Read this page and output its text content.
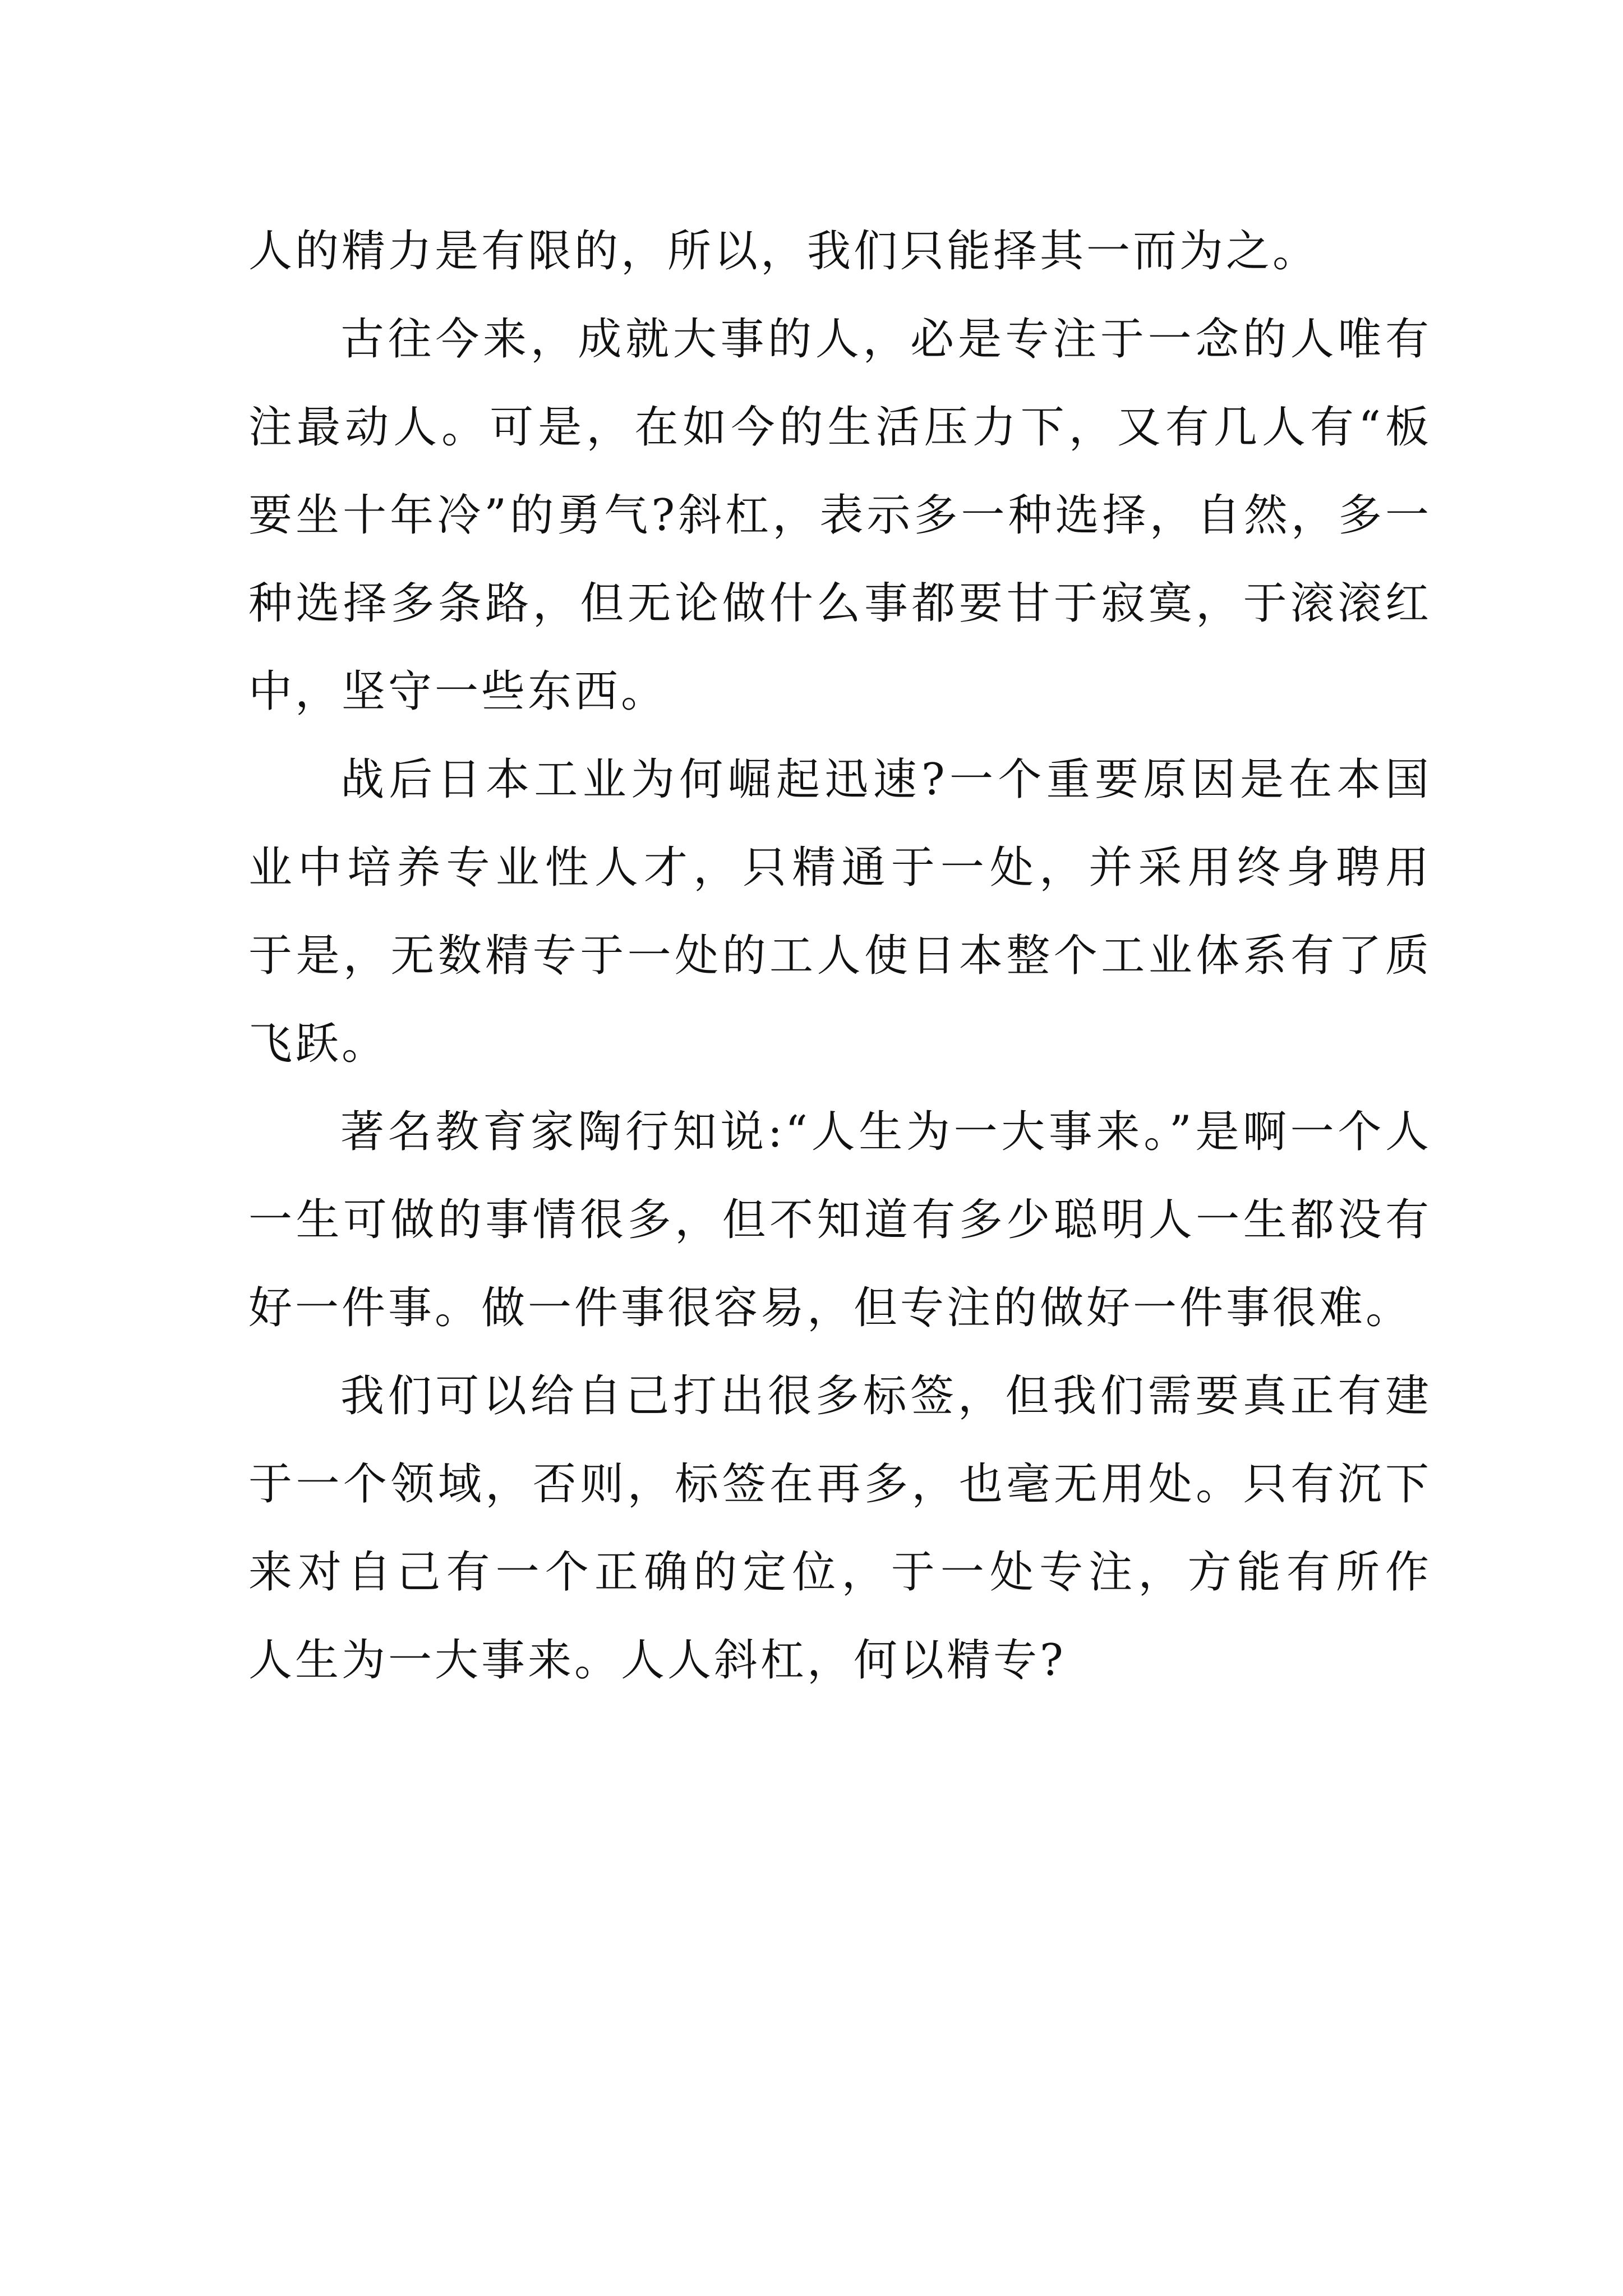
人的精力是有限的，所以，我们只能择其一而为之。
古往今来，成就大事的人，必是专注于一念的人唯有
注最动人。可是，在如今的生活压力下，又有几人有“板
要坐十年冷”的勇气?斜杠，表示多一种选择，自然，多一
种选择多条路，但无论做什么事都要甘于寂寞，于滚滚红
中，坚守一些东西。
战后日本工业为何崛起迅速?一个重要原因是在本国
业中培养专业性人才，只精通于一处，并采用终身聘用
于是，无数精专于一处的工人使日本整个工业体系有了质
飞跃。
著名教育家陶行知说:“人生为一大事来。”是啊一个人
一生可做的事情很多，但不知道有多少聪明人一生都没有
好一件事。做一件事很容易，但专注的做好一件事很难。
我们可以给自己打出很多标签，但我们需要真正有建
于一个领域，否则，标签在再多，也毫无用处。只有沉下
来对自己有一个正确的定位，于一处专注，方能有所作
人生为一大事来。人人斜杠，何以精专?
